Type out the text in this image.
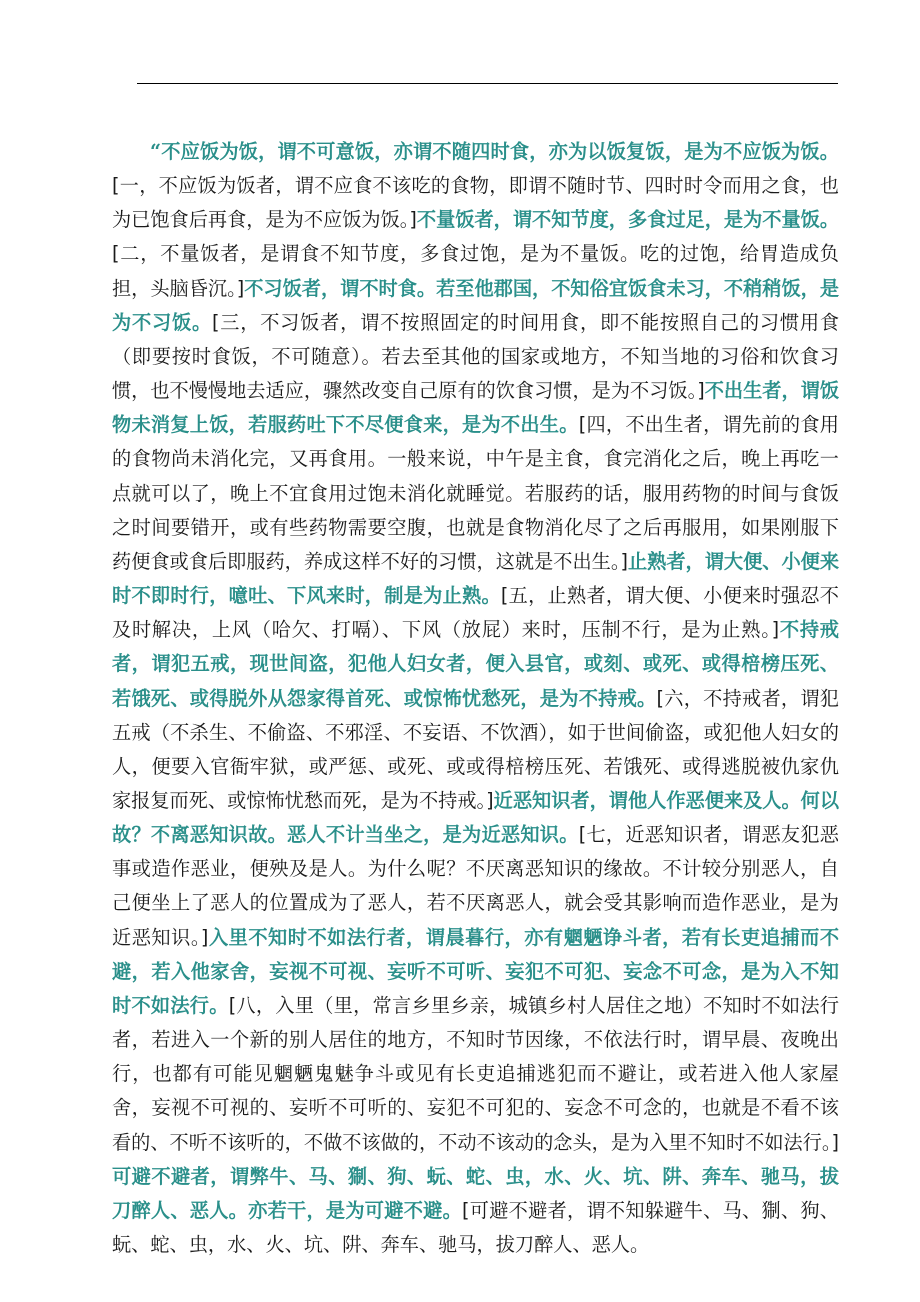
“不应饭为饭，谓不可意饭，亦谓不随四时食，亦为以饭复饭，是为不应饭为饭。[一，不应饭为饭者，谓不应食不该吃的食物，即谓不随时节、四时时令而用之食，也为已饱食后再食，是为不应饭为饭。]不量饭者，谓不知节度，多食过足，是为不量饭。[二，不量饭者，是谓食不知节度，多食过饱，是为不量饭。吃的过饱，给胃造成负担，头脑昏沉。]不习饭者，谓不时食。若至他郡国，不知俗宜饭食未习，不稍稍饭，是为不习饭。[三，不习饭者，谓不按照固定的时间用食，即不能按照自己的习惯用食（即要按时食饭，不可随意）。若去至其他的国家或地方，不知当地的习俗和饮食习惯，也不慢慢地去适应，骤然改变自己原有的饮食习惯，是为不习饭。]不出生者，谓饭物未消复上饭，若服药吐下不尽便食来，是为不出生。[四，不出生者，谓先前的食用的食物尚未消化完，又再食用。一般来说，中午是主食，食完消化之后，晚上再吃一点就可以了，晚上不宜食用过饱未消化就睡觉。若服药的话，服用药物的时间与食饭之时间要错开，或有些药物需要空腹，也就是食物消化尽了之后再服用，如果刚服下药便食或食后即服药，养成这样不好的习惯，这就是不出生。]止熟者，谓大便、小便来时不即时行，噫吐、下风来时，制是为止熟。[五，止熟者，谓大便、小便来时强忍不及时解决，上风（哈欠、打嗝）、下风（放屁）来时，压制不行，是为止熟。]不持戒者，谓犯五戒，现世间盗，犯他人妇女者，便入县官，或刻、或死、或得棓榜压死、若饿死、或得脱外从怨家得首死、或惊怖忧愁死，是为不持戒。[六，不持戒者，谓犯五戒（不杀生、不偷盗、不邪淫、不妄语、不饮酒），如于世间偷盗，或犯他人妇女的人，便要入官衙牢狱，或严惩、或死、或或得棓榜压死、若饿死、或得逃脱被仇家仇家报复而死、或惊怖忧愁而死，是为不持戒。]近恶知识者，谓他人作恶便来及人。何以故？不离恶知识故。恶人不计当坐之，是为近恶知识。[七，近恶知识者，谓恶友犯恶事或造作恶业，便殃及是人。为什么呢？不厌离恶知识的缘故。不计较分别恶人，自己便坐上了恶人的位置成为了恶人，若不厌离恶人，就会受其影响而造作恶业，是为近恶知识。]入里不知时不如法行者，谓晨暮行，亦有魍魉诤斗者，若有长吏追捕而不避，若入他家舍，妄视不可视、妄听不可听、妄犯不可犯、妄念不可念，是为入不知时不如法行。[八，入里（里，常言乡里乡亲，城镇乡村人居住之地）不知时不如法行者，若进入一个新的别人居住的地方，不知时节因缘，不依法行时，谓早晨、夜晚出行，也都有可能见魍魉鬼魅争斗或见有长吏追捕逃犯而不避让，或若进入他人家屋舍，妄视不可视的、妄听不可听的、妄犯不可犯的、妄念不可念的，也就是不看不该看的、不听不该听的，不做不该做的，不动不该动的念头，是为入里不知时不如法行。]可避不避者，谓弊牛、马、猘、狗、蚖、蛇、虫，水、火、坑、阱、奔车、驰马，拔刀醉人、恶人。亦若干，是为可避不避。[可避不避者，谓不知躲避牛、马、猘、狗、蚖、蛇、虫，水、火、坑、阱、奔车、驰马，拔刀醉人、恶人。
